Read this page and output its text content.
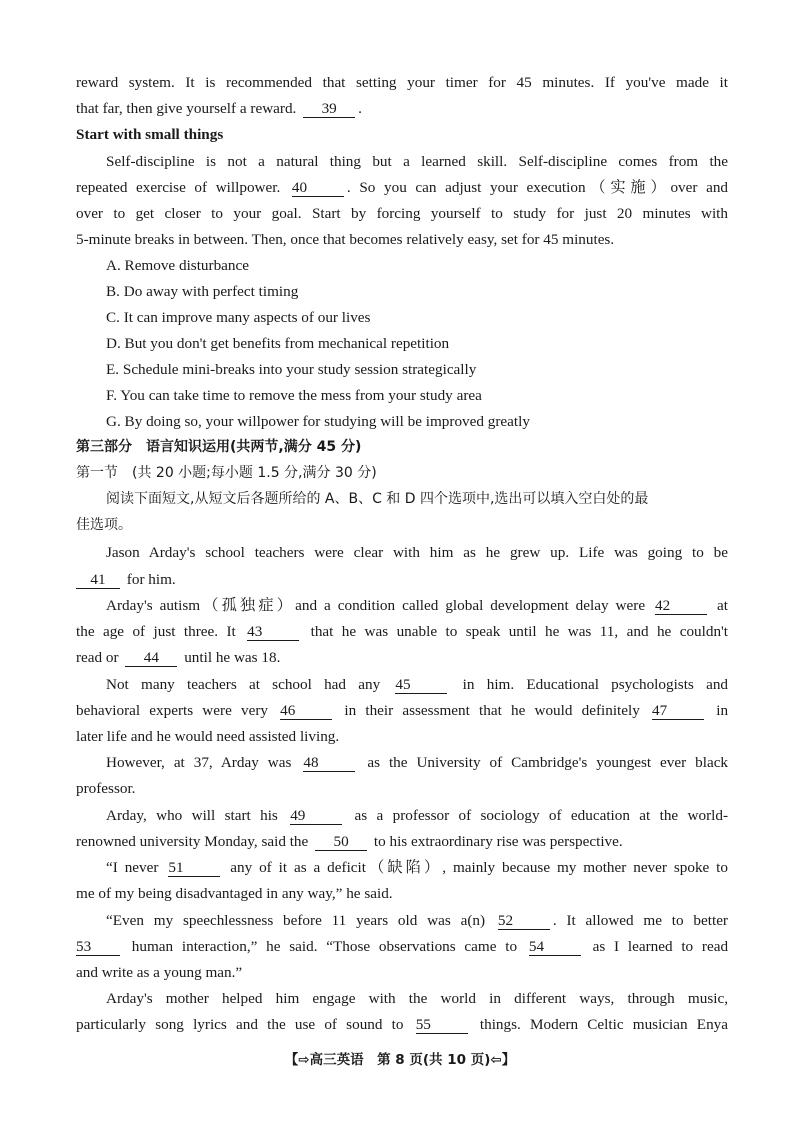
reward system. It is recommended that setting your timer for 45 minutes. If you've made it
that far, then give yourself a reward. 39 .
Start with small things
Self-discipline is not a natural thing but a learned skill. Self-discipline comes from the
repeated exercise of willpower. 40	. So you can adjust your execution（实施）over and
over to get closer to your goal. Start by forcing yourself to study for just 20 minutes with
5-minute breaks in between. Then, once that becomes relatively easy, set for 45 minutes.
A. Remove disturbance
B. Do away with perfect timing
C. It can improve many aspects of our lives
D. But you don't get benefits from mechanical repetition
E. Schedule mini-breaks into your study session strategically
F. You can take time to remove the mess from your study area
G. By doing so, your willpower for studying will be improved greatly
第三部分　语言知识运用(共两节,满分 45 分)
第一节　(共 20 小题;每小题 1.5 分,满分 30 分)
阅读下面短文,从短文后各题所给的 A、B、C 和 D 四个选项中,选出可以填入空白处的最
佳选项。
Jason Arday's school teachers were clear with him as he grew up. Life was going to be
41 for him.
Arday's autism（孤独症）and a condition called global development delay were 42	at
the age of just three. It 43	that he was unable to speak until he was 11, and he couldn't
read or 44 until he was 18.
Not many teachers at school had any 45	in him. Educational psychologists and
behavioral experts were very 46	in their assessment that he would definitely 47	in
later life and he would need assisted living.
However, at 37, Arday was 48	as the University of Cambridge's youngest ever black
professor.
Arday, who will start his 49	as a professor of sociology of education at the world-
renowned university Monday, said the 50 to his extraordinary rise was perspective.
“I never 51	any of it as a deficit（缺陷）, mainly because my mother never spoke to
me of my being disadvantaged in any way,” he said.
“Even my speechlessness before 11 years old was a(n) 52	. It allowed me to better
53	human interaction,” he said. “Those observations came to 54	as I learned to read
and write as a young man.”
Arday's mother helped him engage with the world in different ways, through music,
particularly song lyrics and the use of sound to 55	things. Modern Celtic musician Enya
【⇨高三英语　第 8 页(共 10 页)⇦】
